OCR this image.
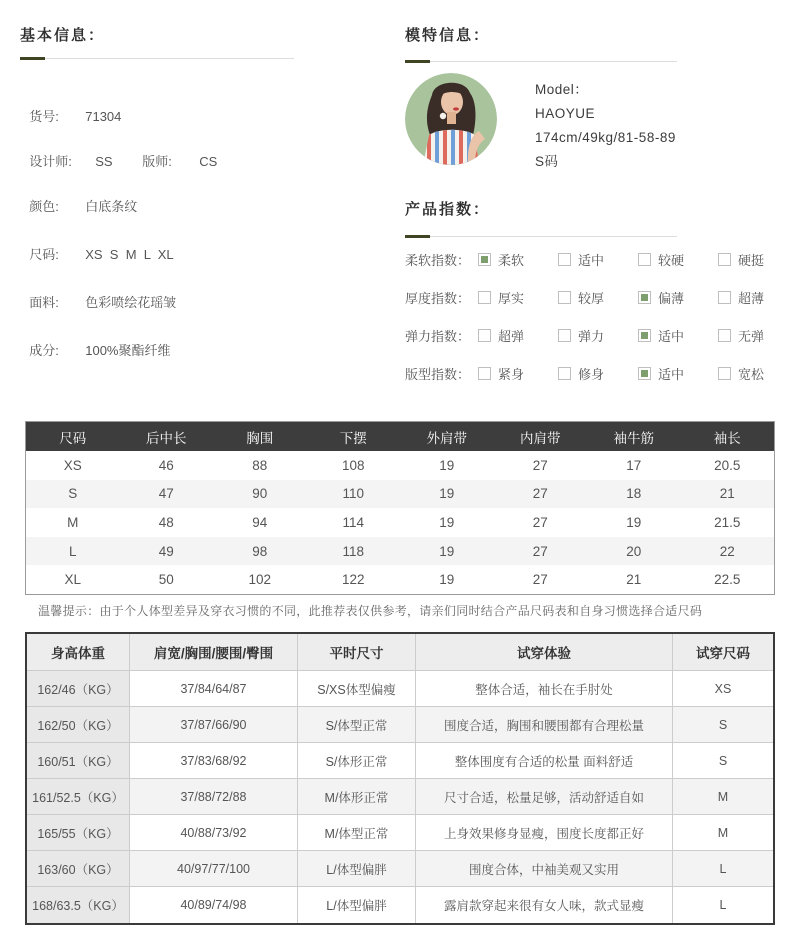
基本信息：

货号: 71304

设计师: SS 版师: CS

颜色: 白底条纹

尺码: XS  S  M  L  XL

面料: 色彩喷绘花瑶皱

成分: 100%聚酯纤维

模特信息：
Model：
HAOYUE
174cm/49kg/81-58-89
S码
产品指数：
柔软指数：	柔软	适中	较硬	硬挺
厚度指数：	厚实	较厚	偏薄	超薄
弹力指数：	超弹	弹力	适中	无弹
版型指数：	紧身	修身	适中	宽松
尺码	后中长	胸围	下摆	外肩带	内肩带	袖牛筋	袖长
XS	46	88	108	19	27	17	20.5
S	47	90	110	19	27	18	21
M	48	94	114	19	27	19	21.5
L	49	98	118	19	27	20	22
XL	50	102	122	19	27	21	22.5
温馨提示：由于个人体型差异及穿衣习惯的不同，此推荐表仅供参考，请亲们同时结合产品尺码表和自身习惯选择合适尺码
身高体重	肩宽/胸围/腰围/臀围	平时尺寸	试穿体验	试穿尺码
162/46（KG）	37/84/64/87	S/XS体型偏瘦	整体合适，袖长在手肘处	XS
162/50（KG）	37/87/66/90	S/体型正常	围度合适，胸围和腰围都有合理松量	S
160/51（KG）	37/83/68/92	S/体形正常	整体围度有合适的松量 面料舒适	S
161/52.5（KG）	37/88/72/88	M/体形正常	尺寸合适，松量足够，活动舒适自如	M
165/55（KG）	40/88/73/92	M/体型正常	上身效果修身显瘦，围度长度都正好	M
163/60（KG）	40/97/77/100	L/体型偏胖	围度合体，中袖美观又实用	L
168/63.5（KG）	40/89/74/98	L/体型偏胖	露肩款穿起来很有女人味，款式显瘦	L
